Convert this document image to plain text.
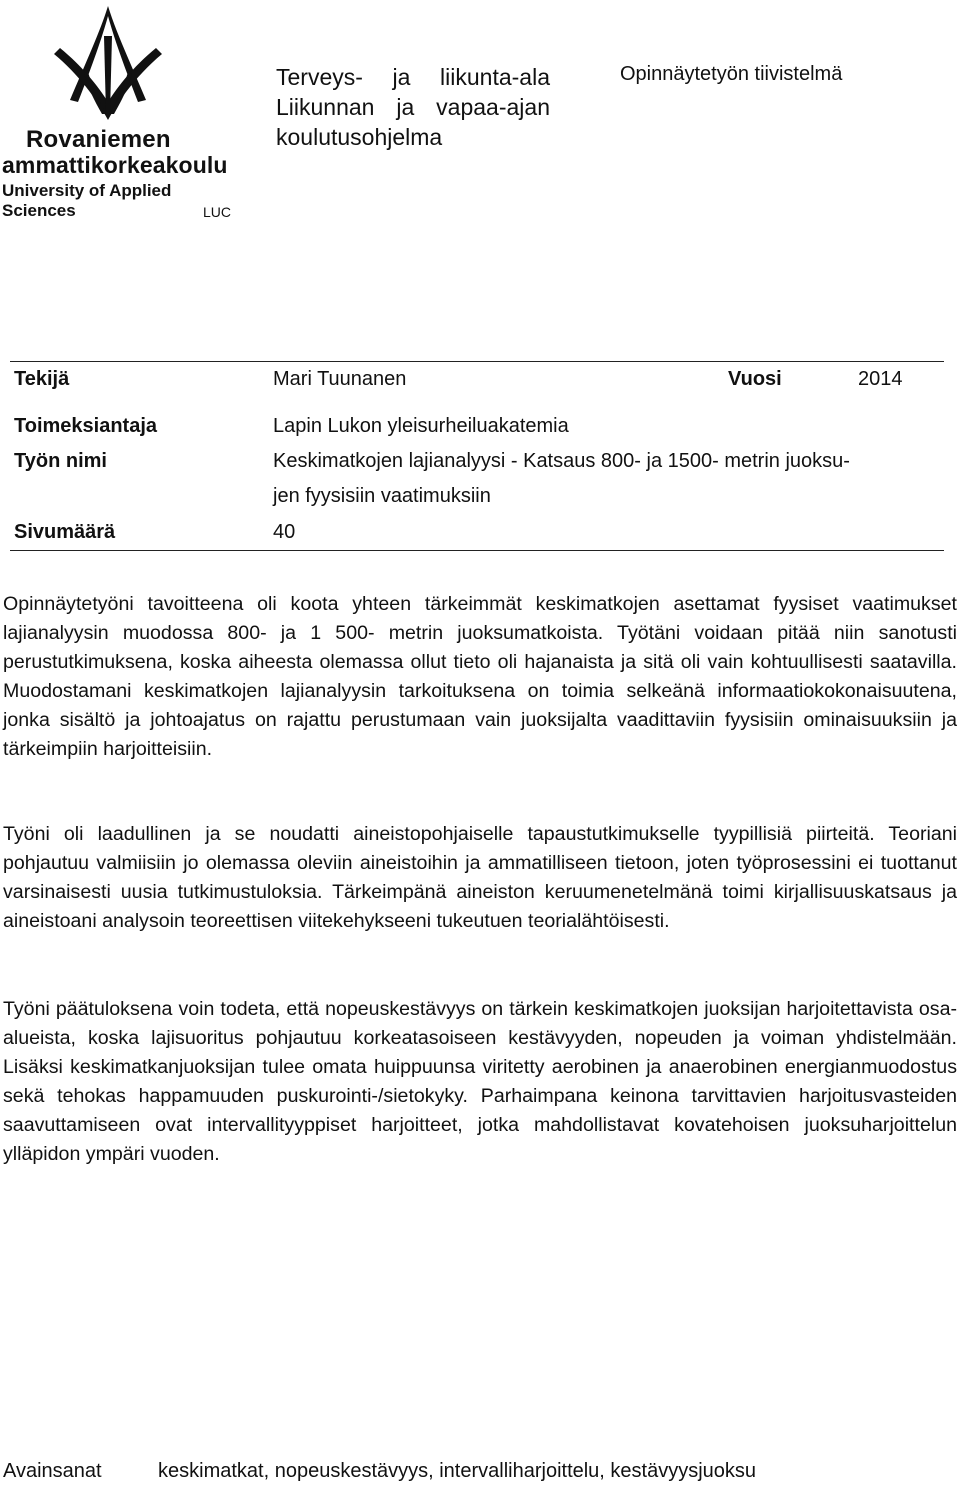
Rovaniemen
ammattikorkeakoulu
University of Applied Sciences	LUC
Terveys- ja liikunta-ala Liikunnan ja vapaa-ajan koulutusohjelma
Opinnäytetyön tiivistelmä
Tekijä	Mari Tuunanen	Vuosi	2014
Toimeksiantaja	Lapin Lukon yleisurheiluakatemia
Työn nimi	Keskimatkojen lajianalyysi - Katsaus 800- ja 1500- metrin juoksu-
jen fyysisiin vaatimuksiin
Sivumäärä	40

Opinnäytetyöni tavoitteena oli koota yhteen tärkeimmät keskimatkojen asettamat fyysiset vaatimukset lajianalyysin muodossa 800- ja 1 500- metrin juoksumatkoista. Työtäni voidaan pitää niin sanotusti perustutkimuksena, koska aiheesta olemassa ollut tieto oli hajanaista ja sitä oli vain kohtuullisesti saatavilla. Muodostamani keskimatkojen lajianalyysin tarkoituksena on toimia selkeänä informaatiokokonaisuutena, jonka sisältö ja johtoajatus on rajattu perustumaan vain juoksijalta vaadittaviin fyysisiin ominaisuuksiin ja tärkeimpiin harjoitteisiin.

Työni oli laadullinen ja se noudatti aineistopohjaiselle tapaustutkimukselle tyypillisiä piirteitä. Teoriani pohjautuu valmiisiin jo olemassa oleviin aineistoihin ja ammatilliseen tietoon, joten työprosessini ei tuottanut varsinaisesti uusia tutkimustuloksia. Tärkeimpänä aineiston keruumenetelmänä toimi kirjallisuuskatsaus ja aineistoani analysoin teoreettisen viitekehykseeni tukeutuen teorialähtöisesti.

Työni päätuloksena voin todeta, että nopeuskestävyys on tärkein keskimatkojen juoksijan harjoitettavista osa-alueista, koska lajisuoritus pohjautuu korkeatasoiseen kestävyyden, nopeuden ja voiman yhdistelmään. Lisäksi keskimatkanjuoksijan tulee omata huippuunsa viritetty aerobinen ja anaerobinen energianmuodostus sekä tehokas happamuuden puskurointi-/sietokyky. Parhaimpana keinona tarvittavien harjoitusvasteiden saavuttamiseen ovat intervallityyppiset harjoitteet, jotka mahdollistavat kovatehoisen juoksuharjoittelun ylläpidon ympäri vuoden.

Avainsanat	keskimatkat, nopeuskestävyys, intervalliharjoittelu, kestävyysjuoksu
